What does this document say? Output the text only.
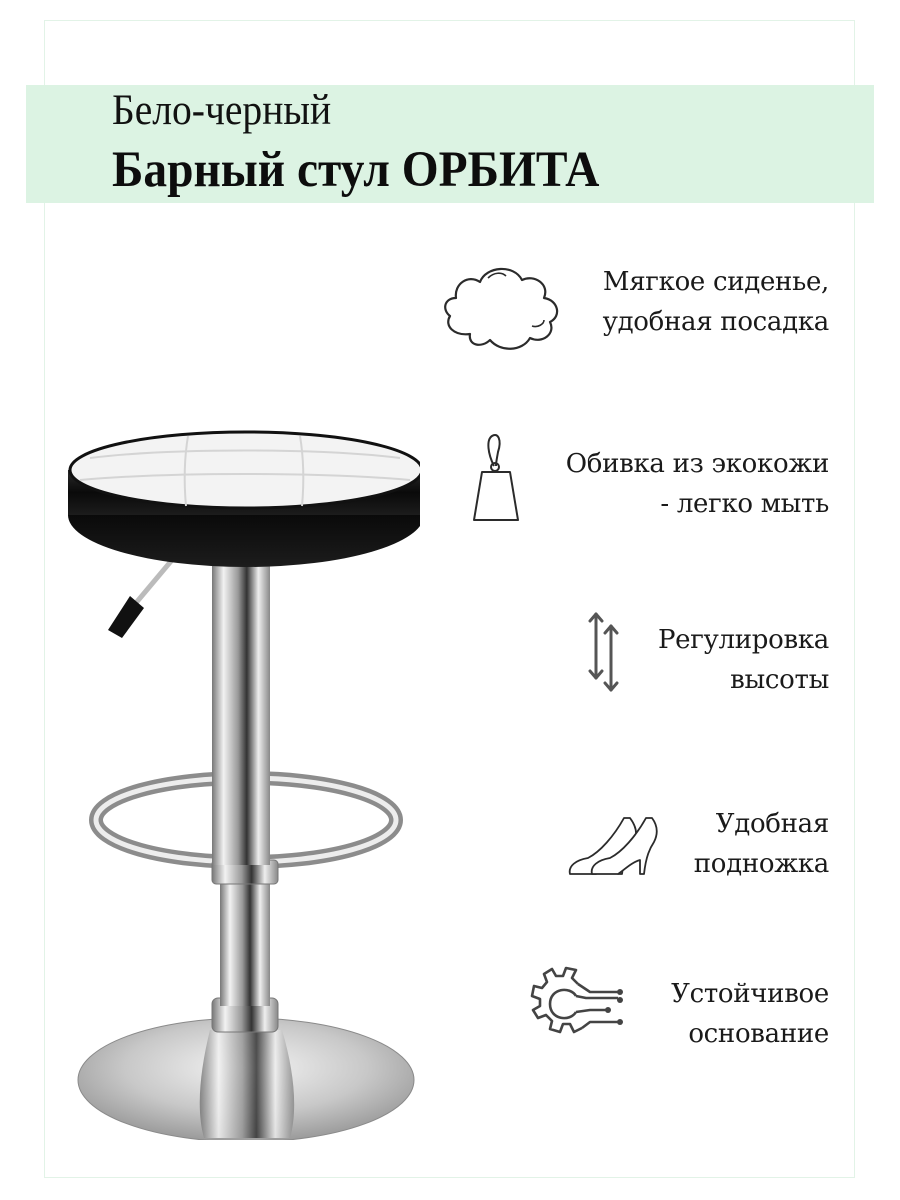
Бело-черный
Барный стул ОРБИТА
Мягкое сиденье,
удобная посадка
Обивка из экокожи
- легко мыть
Регулировка
высоты
Удобная
подножка
Устойчивое
основание
